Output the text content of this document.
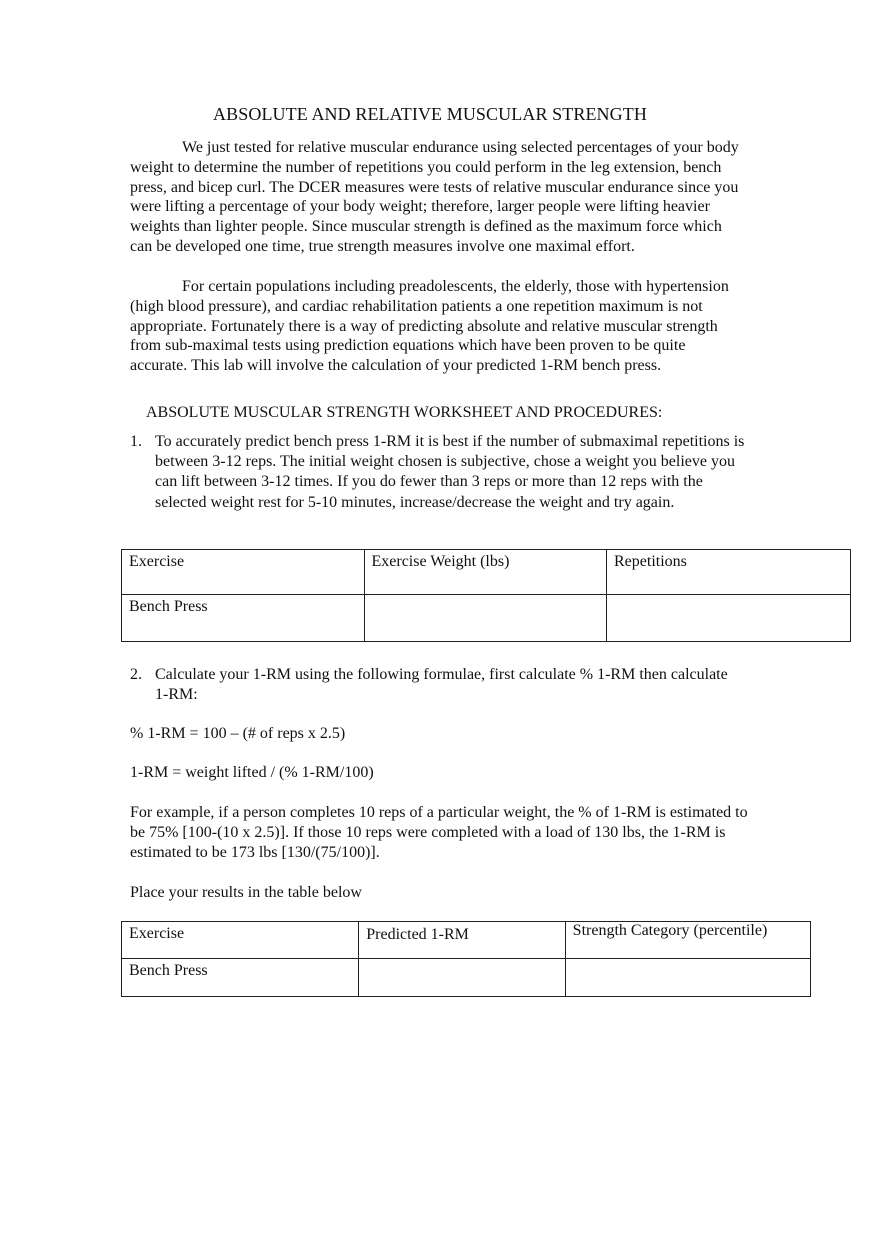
ABSOLUTE AND RELATIVE MUSCULAR STRENGTH

We just tested for relative muscular endurance using selected percentages of your body weight to determine the number of repetitions you could perform in the leg extension, bench press, and bicep curl. The DCER measures were tests of relative muscular endurance since you were lifting a percentage of your body weight; therefore, larger people were lifting heavier weights than lighter people. Since muscular strength is defined as the maximum force which can be developed one time, true strength measures involve one maximal effort.

For certain populations including preadolescents, the elderly, those with hypertension (high blood pressure), and cardiac rehabilitation patients a one repetition maximum is not appropriate. Fortunately there is a way of predicting absolute and relative muscular strength from sub-maximal tests using prediction equations which have been proven to be quite accurate. This lab will involve the calculation of your predicted 1-RM bench press.

ABSOLUTE MUSCULAR STRENGTH WORKSHEET AND PROCEDURES:
1. To accurately predict bench press 1-RM it is best if the number of submaximal repetitions is between 3-12 reps. The initial weight chosen is subjective, chose a weight you believe you can lift between 3-12 times. If you do fewer than 3 reps or more than 12 reps with the selected weight rest for 5-10 minutes, increase/decrease the weight and try again.
Exercise	Exercise Weight (lbs)	Repetitions
Bench Press		
2. Calculate your 1-RM using the following formulae, first calculate % 1-RM then calculate 1-RM:
% 1-RM = 100 – (# of reps x 2.5)
1-RM = weight lifted / (% 1-RM/100)
For example, if a person completes 10 reps of a particular weight, the % of 1-RM is estimated to be 75% [100-(10 x 2.5)]. If those 10 reps were completed with a load of 130 lbs, the 1-RM is estimated to be 173 lbs [130/(75/100)].
Place your results in the table below
Exercise	Predicted 1-RM	Strength Category (percentile)
Bench Press		
